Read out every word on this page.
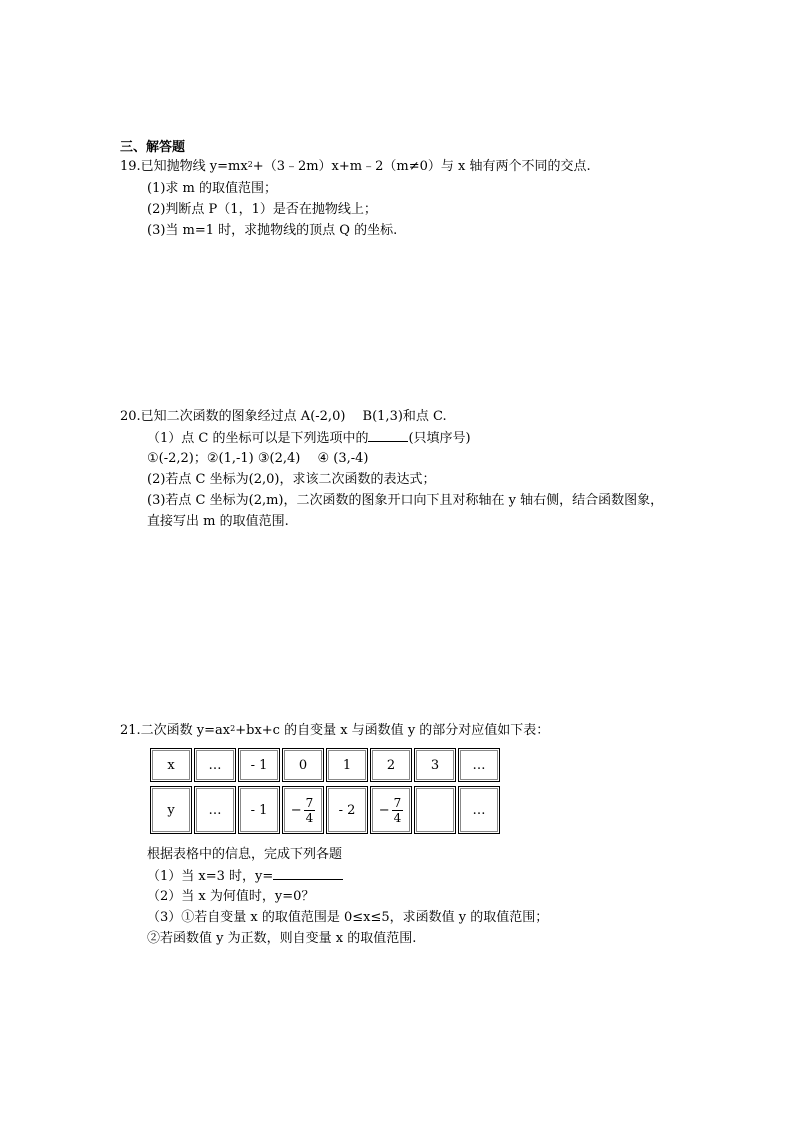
三、解答题
19.已知抛物线 $y=mx^2+(3﹣2m)x+m﹣2(m\ne 0)$与 x 轴有两个不同的交点.
(1)求 m 的取值范围；
(2)判断点 P（1，1）是否在抛物线上；
(3)当 m=1 时，求抛物线的顶点 Q 的坐标.
20.已知二次函数的图象经过点 A(-2,0)　 B(1,3)和点 C.
（1）点 C 的坐标可以是下列选项中的	(只填序号)
①(-2,2)；②(1,-1) ③(2,4)　 ④ (3,-4)
(2)若点 C 坐标为(2,0)，求该二次函数的表达式；
(3)若点 C 坐标为(2,m)，二次函数的图象开口向下且对称轴在 y 轴右侧，结合函数图象，
直接写出 m 的取值范围.
21.二次函数 $y=ax^2+bx+c$ 的自变量 x 与函数值 y 的部分对应值如下表：
x	…	- 1	0	1	2	3	…
y	…	- 1	− $\frac{7}{4}$	- 2	− $\frac{7}{4}$		…
根据表格中的信息，完成下列各题
（1）当 x=3 时，y=
（2）当 x 为何值时，y=0？
（3）①若自变量 x 的取值范围是 0≤x≤5，求函数值 y 的取值范围；
②若函数值 y 为正数，则自变量 x 的取值范围.
